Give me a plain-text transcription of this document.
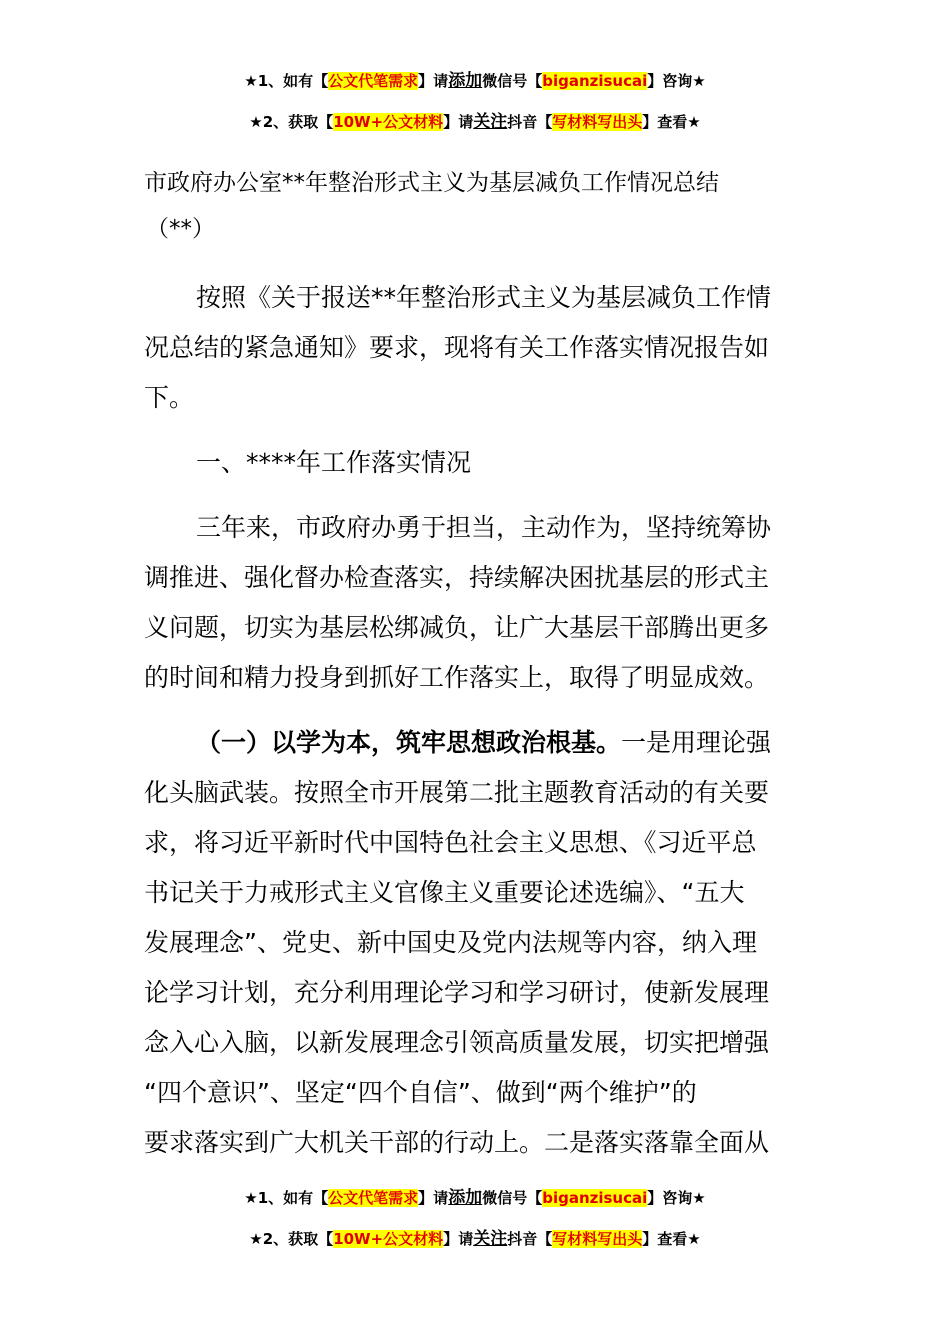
★1、如有【公文代笔需求】请添加微信号【biganzisucai】咨询★
★2、获取【10W+公文材料】请关注抖音【写材料写出头】查看★
市政府办公室**年整治形式主义为基层减负工作情况总结
（**）
按照《关于报送**年整治形式主义为基层减负工作情
况总结的紧急通知》要求，现将有关工作落实情况报告如
下。
一、****年工作落实情况
三年来，市政府办勇于担当，主动作为，坚持统筹协
调推进、强化督办检查落实，持续解决困扰基层的形式主
义问题，切实为基层松绑减负，让广大基层干部腾出更多
的时间和精力投身到抓好工作落实上，取得了明显成效。
（一）以学为本，筑牢思想政治根基。一是用理论强
化头脑武装。按照全市开展第二批主题教育活动的有关要
求，将习近平新时代中国特色社会主义思想、《习近平总
书记关于力戒形式主义官像主义重要论述选编》、“五大
发展理念”、党史、新中国史及党内法规等内容，纳入理
论学习计划，充分利用理论学习和学习研讨，使新发展理
念入心入脑，以新发展理念引领高质量发展，切实把增强
“四个意识”、坚定“四个自信”、做到“两个维护”的
要求落实到广大机关干部的行动上。二是落实落靠全面从
★1、如有【公文代笔需求】请添加微信号【biganzisucai】咨询★
★2、获取【10W+公文材料】请关注抖音【写材料写出头】查看★
